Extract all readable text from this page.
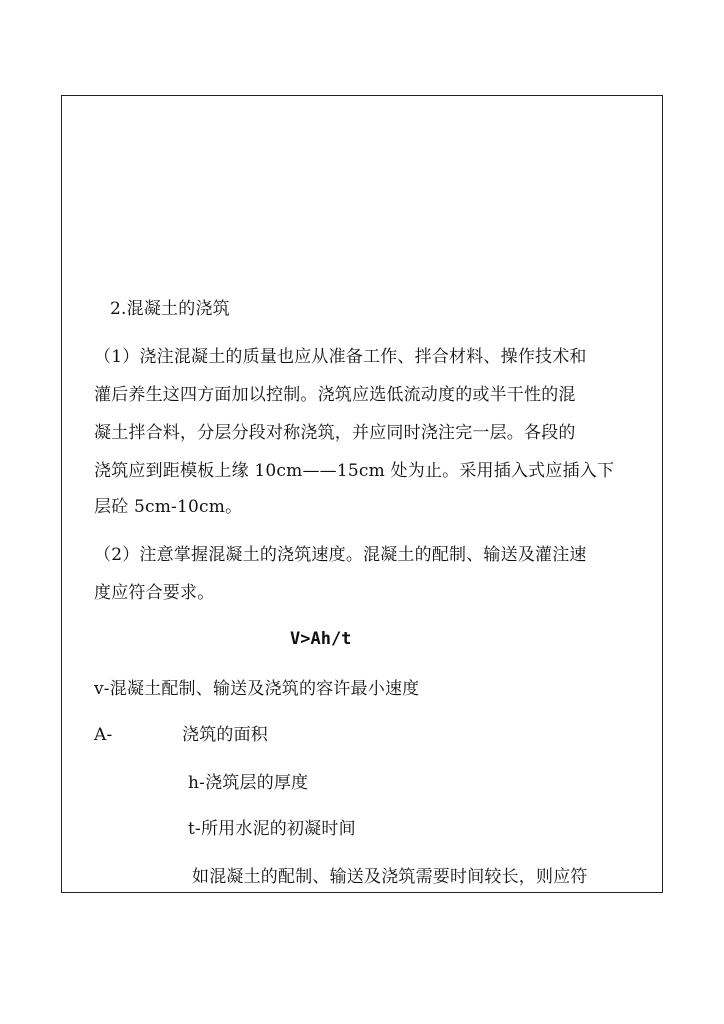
2.混凝土的浇筑
（1）浇注混凝土的质量也应从准备工作、拌合材料、操作技术和
灌后养生这四方面加以控制。浇筑应选低流动度的或半干性的混
凝土拌合料，分层分段对称浇筑，并应同时浇注完一层。各段的
浇筑应到距模板上缘 10cm——15cm 处为止。采用插入式应插入下
层砼 5cm-10cm。
（2）注意掌握混凝土的浇筑速度。混凝土的配制、输送及灌注速
度应符合要求。
V>Ah/t
v-混凝土配制、输送及浇筑的容许最小速度
A-	浇筑的面积
h-浇筑层的厚度
t-所用水泥的初凝时间
如混凝土的配制、输送及浇筑需要时间较长，则应符
